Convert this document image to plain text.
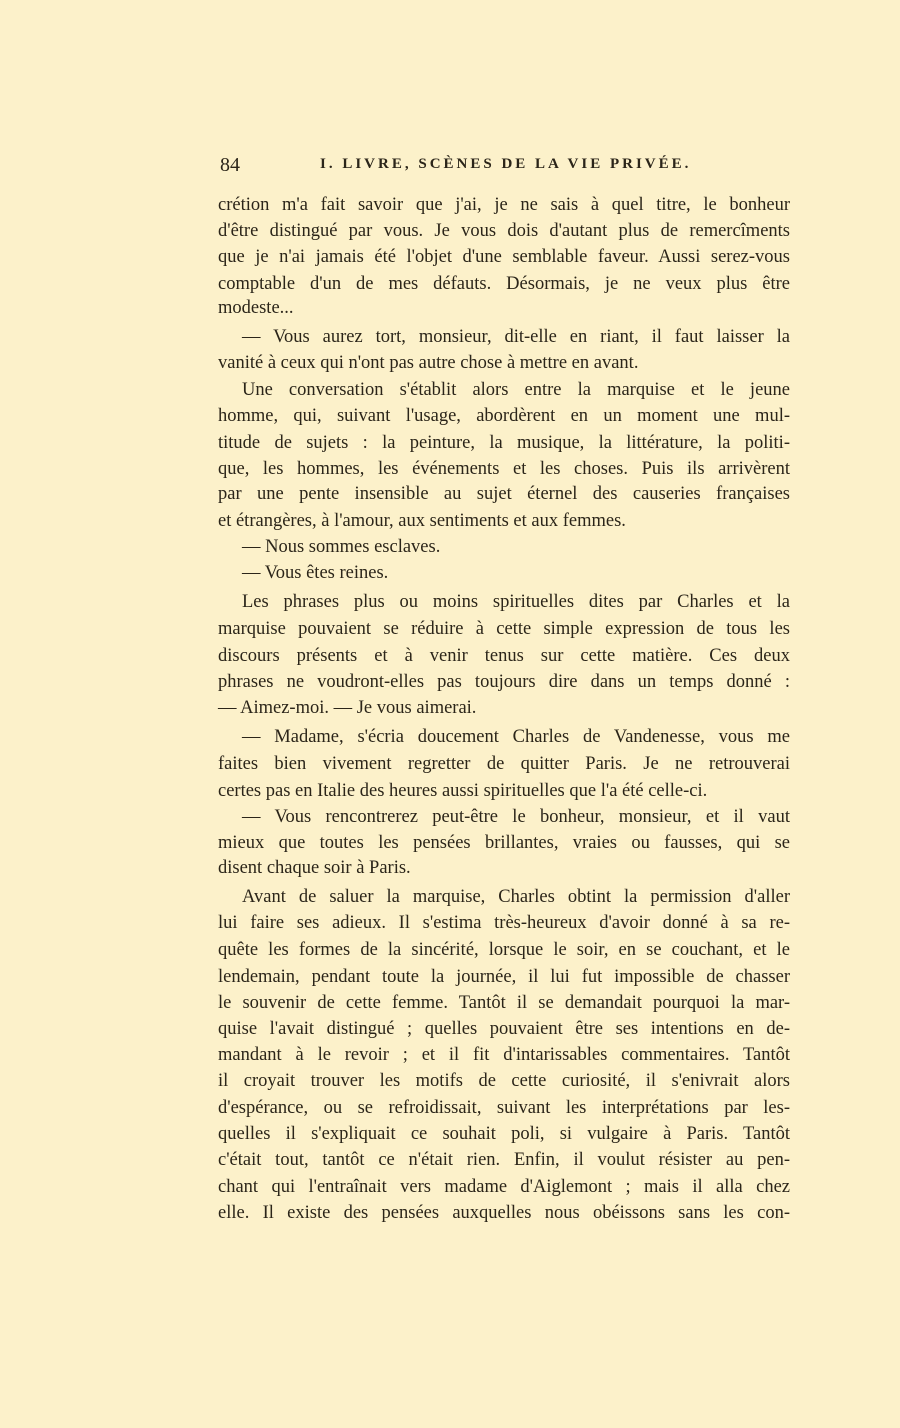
84	I. LIVRE, SCÈNES DE LA VIE PRIVÉE.
crétion m'a fait savoir que j'ai, je ne sais à quel titre, le bonheur
d'être distingué par vous. Je vous dois d'autant plus de remercîments
que je n'ai jamais été l'objet d'une semblable faveur. Aussi serez-vous
comptable d'un de mes défauts. Désormais, je ne veux plus être
modeste...
— Vous aurez tort, monsieur, dit-elle en riant, il faut laisser la
vanité à ceux qui n'ont pas autre chose à mettre en avant.
Une conversation s'établit alors entre la marquise et le jeune
homme, qui, suivant l'usage, abordèrent en un moment une mul-
titude de sujets : la peinture, la musique, la littérature, la politi-
que, les hommes, les événements et les choses. Puis ils arrivèrent
par une pente insensible au sujet éternel des causeries françaises
et étrangères, à l'amour, aux sentiments et aux femmes.
— Nous sommes esclaves.
— Vous êtes reines.
Les phrases plus ou moins spirituelles dites par Charles et la
marquise pouvaient se réduire à cette simple expression de tous les
discours présents et à venir tenus sur cette matière. Ces deux
phrases ne voudront-elles pas toujours dire dans un temps donné :
— Aimez-moi. — Je vous aimerai.
— Madame, s'écria doucement Charles de Vandenesse, vous me
faites bien vivement regretter de quitter Paris. Je ne retrouverai
certes pas en Italie des heures aussi spirituelles que l'a été celle-ci.
— Vous rencontrerez peut-être le bonheur, monsieur, et il vaut
mieux que toutes les pensées brillantes, vraies ou fausses, qui se
disent chaque soir à Paris.
Avant de saluer la marquise, Charles obtint la permission d'aller
lui faire ses adieux. Il s'estima très-heureux d'avoir donné à sa re-
quête les formes de la sincérité, lorsque le soir, en se couchant, et le
lendemain, pendant toute la journée, il lui fut impossible de chasser
le souvenir de cette femme. Tantôt il se demandait pourquoi la mar-
quise l'avait distingué ; quelles pouvaient être ses intentions en de-
mandant à le revoir ; et il fit d'intarissables commentaires. Tantôt
il croyait trouver les motifs de cette curiosité, il s'enivrait alors
d'espérance, ou se refroidissait, suivant les interprétations par les-
quelles il s'expliquait ce souhait poli, si vulgaire à Paris. Tantôt
c'était tout, tantôt ce n'était rien. Enfin, il voulut résister au pen-
chant qui l'entraînait vers madame d'Aiglemont ; mais il alla chez
elle. Il existe des pensées auxquelles nous obéissons sans les con-
